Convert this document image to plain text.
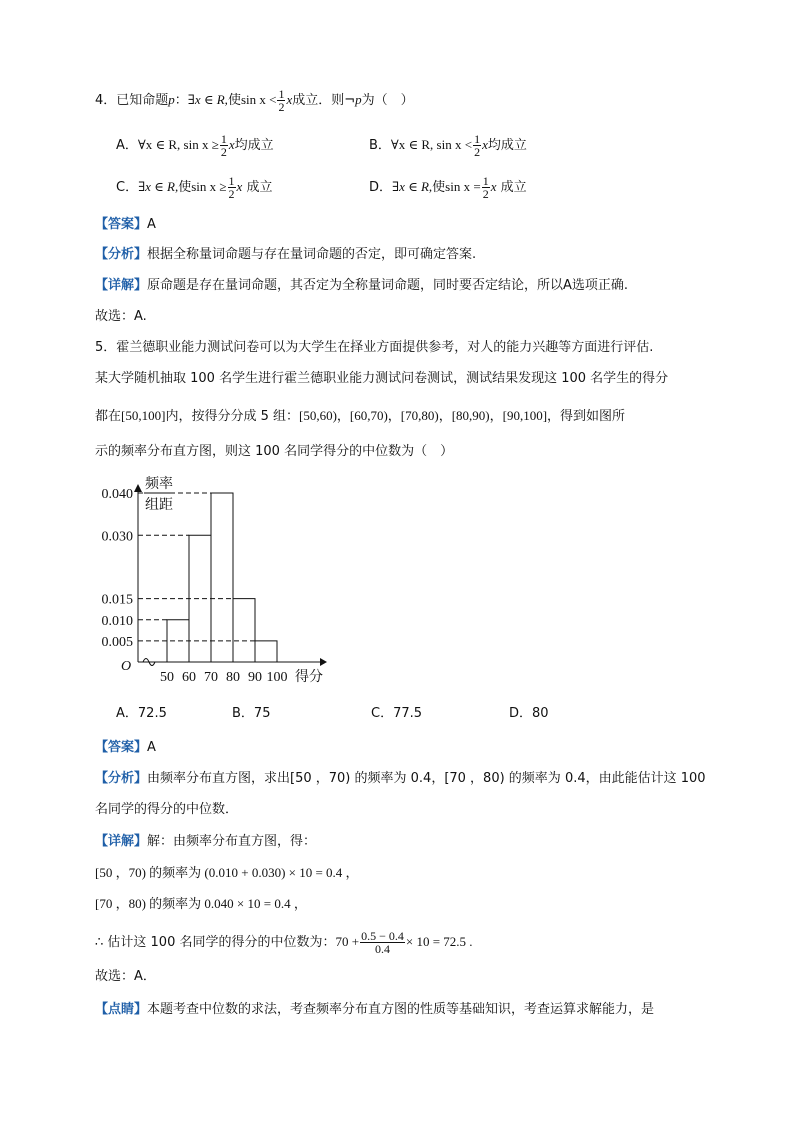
4．已知命题p：∃x ∈ R,使$\sin x < \frac{1}{2}$ x成立．则¬p为（　）
A．∀x ∈ R, $\sin x \ge \frac{1}{2}$ x均成立	B．∀x ∈ R, $\sin x < \frac{1}{2}$ x均成立
C．∃x ∈ R,使$\sin x \ge \frac{1}{2}$ x 成立	D．∃x ∈ R,使$\sin x = \frac{1}{2}$ x 成立
【答案】A
【分析】根据全称量词命题与存在量词命题的否定，即可确定答案.
【详解】原命题是存在量词命题，其否定为全称量词命题，同时要否定结论，所以A选项正确.
故选：A.
5．霍兰德职业能力测试问卷可以为大学生在择业方面提供参考，对人的能力兴趣等方面进行评估.
某大学随机抽取 100 名学生进行霍兰德职业能力测试问卷测试，测试结果发现这 100 名学生的得分
都在[50,100]内，按得分分成 5 组：[50,60)，[60,70)，[70,80)，[80,90)，[90,100]，得到如图所
示的频率分布直方图，则这 100 名同学得分的中位数为（　）
频率
组距
O
0.040
0.030
0.015
0.010
0.005
50 60 70 80 90 100 得分
A．72.5	B．75	C．77.5	D．80
【答案】A
【分析】由频率分布直方图，求出[50 ，70) 的频率为 0.4，[70 ，80) 的频率为 0.4，由此能估计这 100
名同学的得分的中位数．
【详解】解：由频率分布直方图，得：
[50 ，70) 的频率为 (0.010 + 0.030) × 10 = 0.4 ，
[70 ，80) 的频率为 0.040 × 10 = 0.4 ，
∴ 估计这 100 名同学的得分的中位数为：$70 + \frac{0.5 - 0.4}{0.4} \times 10 = 72.5$ .
故选：A．
【点睛】本题考查中位数的求法，考查频率分布直方图的性质等基础知识，考查运算求解能力，是
